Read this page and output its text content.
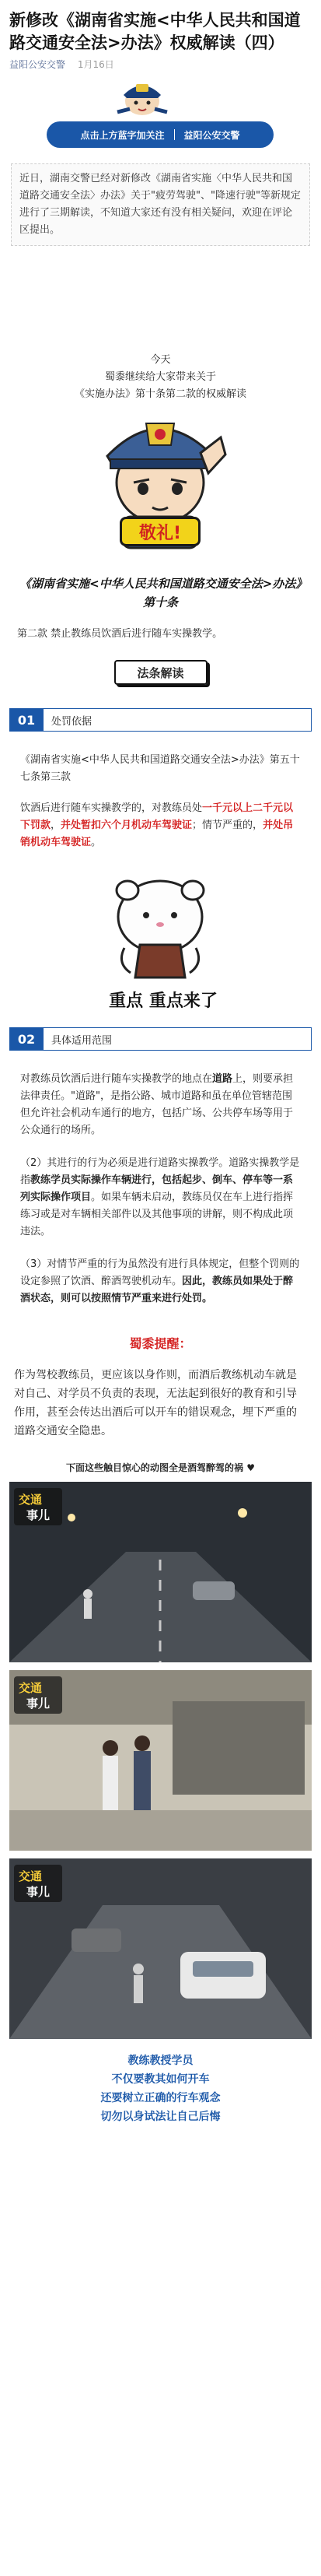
新修改《湖南省实施<中华人民共和国道路交通安全法>办法》权威解读（四）
益阳公安交警 1月16日
点击上方蓝字加关注 益阳公安交警
近日，湖南交警已经对新修改《湖南省实施〈中华人民共和国道路交通安全法〉办法》关于"疲劳驾驶"、"降速行驶"等新规定进行了三期解读，不知道大家还有没有相关疑问，欢迎在评论区提出。
今天
蜀黍继续给大家带来关于
《实施办法》第十条第二款的权威解读
敬礼!
《湖南省实施<中华人民共和国道路交通安全法>办法》第十条
第二款 禁止教练员饮酒后进行随车实操教学。
法条解读
01	处罚依据
《湖南省实施<中华人民共和国道路交通安全法>办法》第五十七条第三款
饮酒后进行随车实操教学的，对教练员处一千元以上二千元以下罚款，并处暂扣六个月机动车驾驶证；情节严重的，并处吊销机动车驾驶证。
重点 重点来了
02	具体适用范围
对教练员饮酒后进行随车实操教学的地点在道路上，则要承担法律责任。"道路"，是指公路、城市道路和虽在单位管辖范围但允许社会机动车通行的地方，包括广场、公共停车场等用于公众通行的场所。
（2）其进行的行为必须是进行道路实操教学。道路实操教学是指教练学员实际操作车辆进行，包括起步、倒车、停车等一系列实际操作项目。如果车辆未启动，教练员仅在车上进行指挥练习或是对车辆相关部件以及其他事项的讲解，则不构成此项违法。
（3）对情节严重的行为虽然没有进行具体规定，但整个罚则的设定参照了饮酒、醉酒驾驶机动车。因此，教练员如果处于醉酒状态，则可以按照情节严重来进行处罚。
蜀黍提醒：
作为驾校教练员，更应该以身作则，而酒后教练机动车就是对自己、对学员不负责的表现，无法起到很好的教育和引导作用，甚至会传达出酒后可以开车的错误观念，埋下严重的道路交通安全隐患。
下面这些触目惊心的动图全是酒驾醉驾的祸 ♥
交通
事儿
交通
事儿
交通
事儿
教练教授学员
不仅要教其如何开车
还要树立正确的行车观念
切勿以身试法让自己后悔
